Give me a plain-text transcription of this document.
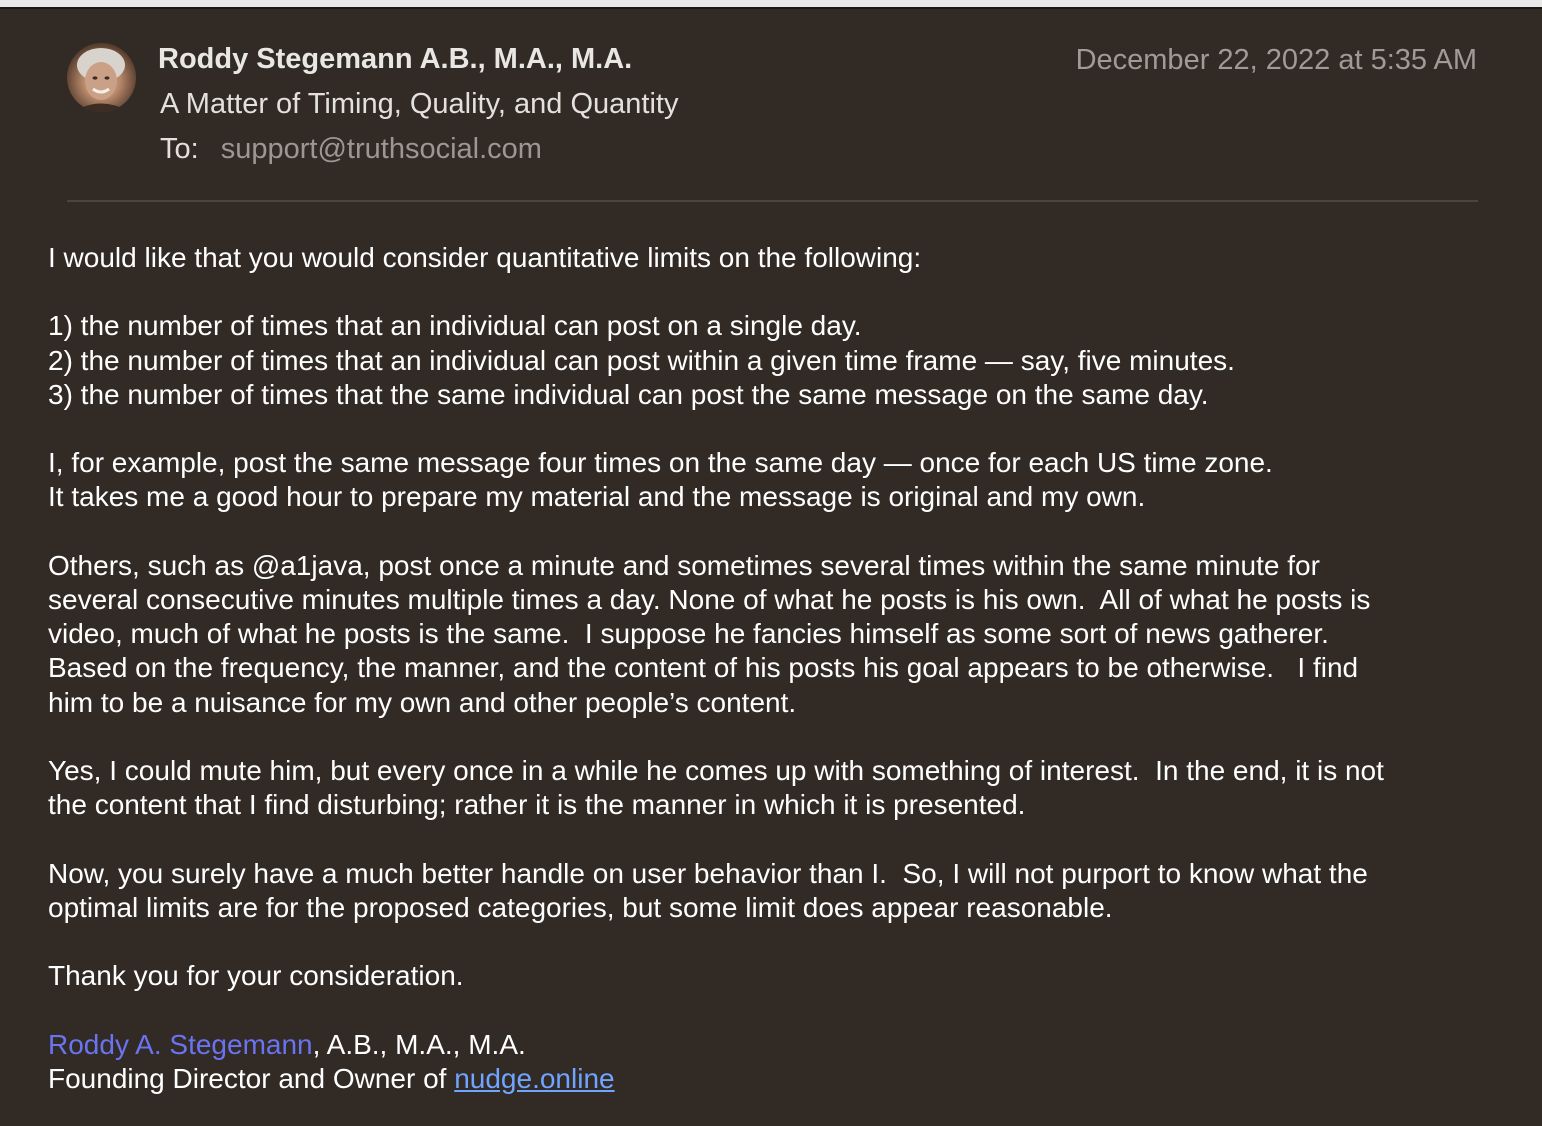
Roddy Stegemann A.B., M.A., M.A.
A Matter of Timing, Quality, and Quantity
To: support@truthsocial.com
December 22, 2022 at 5:35 AM

I would like that you would consider quantitative limits on the following:

1) the number of times that an individual can post on a single day.
2) the number of times that an individual can post within a given time frame — say, five minutes.
3) the number of times that the same individual can post the same message on the same day.

I, for example, post the same message four times on the same day — once for each US time zone.
It takes me a good hour to prepare my material and the message is original and my own.

Others, such as @a1java, post once a minute and sometimes several times within the same minute for
several consecutive minutes multiple times a day. None of what he posts is his own.  All of what he posts is
video, much of what he posts is the same.  I suppose he fancies himself as some sort of news gatherer.
Based on the frequency, the manner, and the content of his posts his goal appears to be otherwise.   I find
him to be a nuisance for my own and other people’s content.

Yes, I could mute him, but every once in a while he comes up with something of interest.  In the end, it is not
the content that I find disturbing; rather it is the manner in which it is presented.

Now, you surely have a much better handle on user behavior than I.  So, I will not purport to know what the
optimal limits are for the proposed categories, but some limit does appear reasonable.

Thank you for your consideration.

Roddy A. Stegemann, A.B., M.A., M.A.
Founding Director and Owner of nudge.online
